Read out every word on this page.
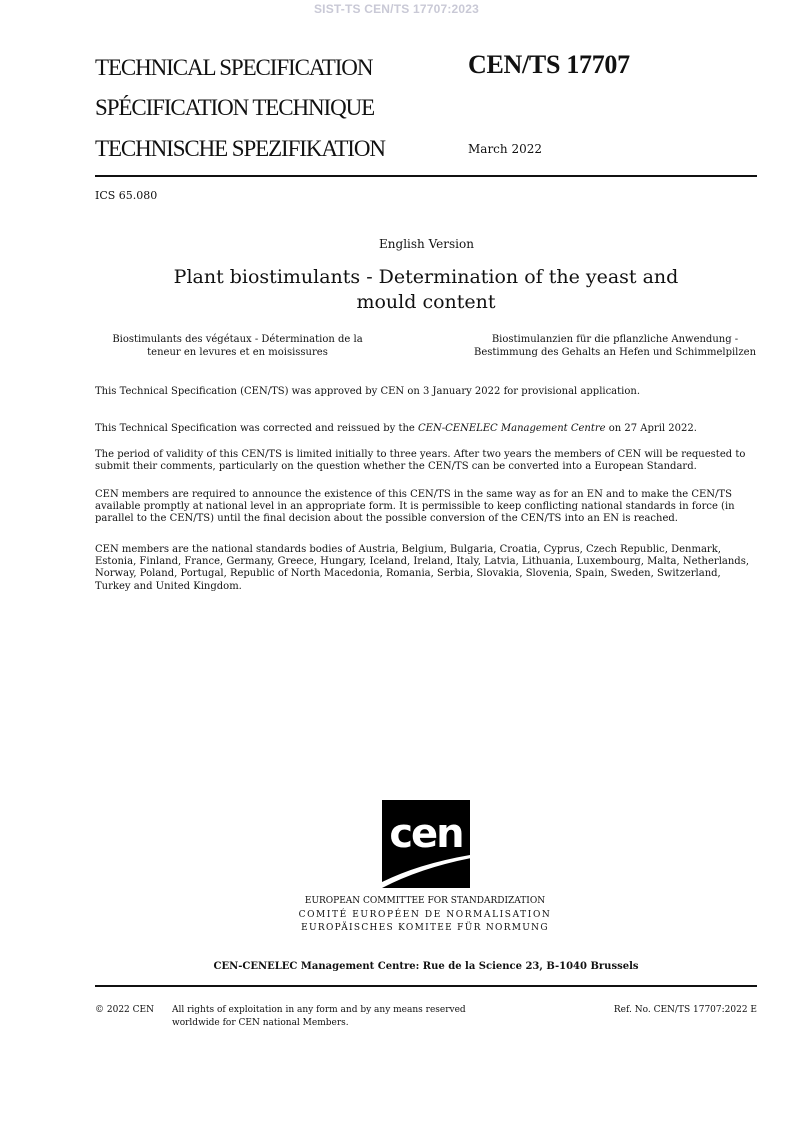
SIST-TS CEN/TS 17707:2023
TECHNICAL SPECIFICATION
SPÉCIFICATION TECHNIQUE
TECHNISCHE SPEZIFIKATION
CEN/TS 17707
March 2022
ICS 65.080
English Version
Plant biostimulants - Determination of the yeast and mould content
Biostimulants des végétaux - Détermination de la teneur en levures et en moisissures
Biostimulanzien für die pflanzliche Anwendung - Bestimmung des Gehalts an Hefen und Schimmelpilzen
This Technical Specification (CEN/TS) was approved by CEN on 3 January 2022 for provisional application.
This Technical Specification was corrected and reissued by the CEN-CENELEC Management Centre on 27 April 2022.
The period of validity of this CEN/TS is limited initially to three years. After two years the members of CEN will be requested to submit their comments, particularly on the question whether the CEN/TS can be converted into a European Standard.
CEN members are required to announce the existence of this CEN/TS in the same way as for an EN and to make the CEN/TS available promptly at national level in an appropriate form. It is permissible to keep conflicting national standards in force (in parallel to the CEN/TS) until the final decision about the possible conversion of the CEN/TS into an EN is reached.
CEN members are the national standards bodies of Austria, Belgium, Bulgaria, Croatia, Cyprus, Czech Republic, Denmark, Estonia, Finland, France, Germany, Greece, Hungary, Iceland, Ireland, Italy, Latvia, Lithuania, Luxembourg, Malta, Netherlands, Norway, Poland, Portugal, Republic of North Macedonia, Romania, Serbia, Slovakia, Slovenia, Spain, Sweden, Switzerland, Turkey and United Kingdom.
cen
EUROPEAN COMMITTEE FOR STANDARDIZATION
COMITÉ EUROPÉEN DE NORMALISATION
EUROPÄISCHES KOMITEE FÜR NORMUNG
CEN-CENELEC Management Centre: Rue de la Science 23, B-1040 Brussels
© 2022 CEN All rights of exploitation in any form and by any means reserved worldwide for CEN national Members.
Ref. No. CEN/TS 17707:2022 E
